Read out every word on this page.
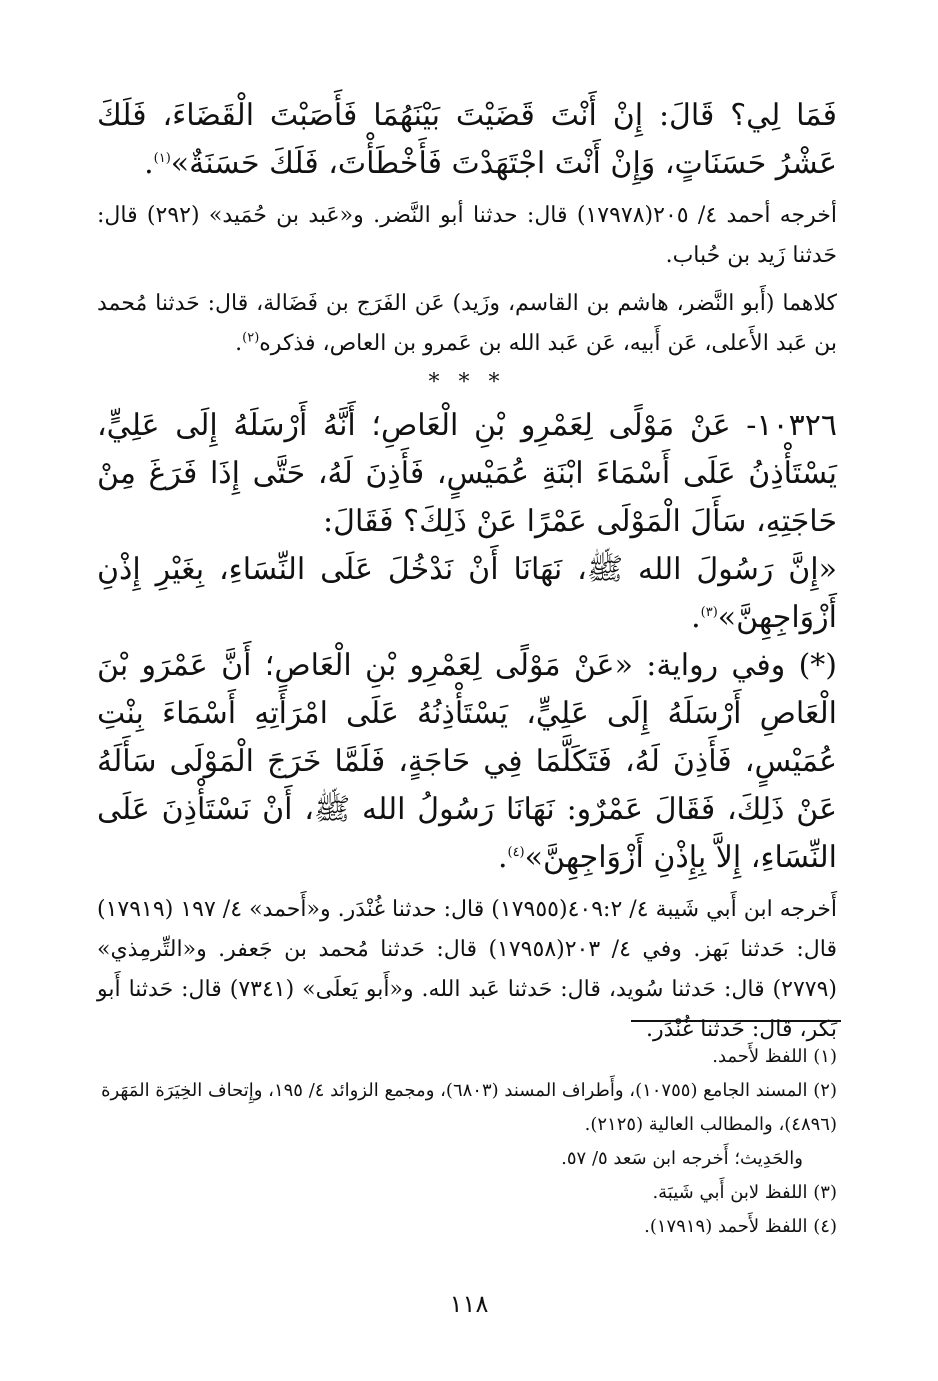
فَمَا لِي؟ قَالَ: إِنْ أَنْتَ قَضَيْتَ بَيْنَهُمَا فَأَصَبْتَ الْقَضَاءَ، فَلَكَ عَشْرُ حَسَنَاتٍ، وَإِنْ أَنْتَ اجْتَهَدْتَ فَأَخْطَأْتَ، فَلَكَ حَسَنَةٌ»$^{(١)}$.

أخرجه أحمد ٤/ ٢٠٥(١٧٩٧٨) قال: حدثنا أبو النَّضر. و«عَبد بن حُمَيد» (٢٩٢) قال: حَدثنا زَيد بن حُباب.

كلاهما (أَبو النَّضر، هاشم بن القاسم، وزَيد) عَن الفَرَج بن فَضَالة، قال: حَدثنا مُحمد بن عَبد الأَعلى، عَن أَبيه، عَن عَبد الله بن عَمرو بن العاص، فذكره$^{(٢)}$.

* * *

١٠٣٢٦- عَنْ مَوْلًى لِعَمْرِو بْنِ الْعَاصِ؛ أَنَّهُ أَرْسَلَهُ إِلَى عَلِيٍّ، يَسْتَأْذِنُ عَلَى أَسْمَاءَ ابْنَةِ عُمَيْسٍ، فَأَذِنَ لَهُ، حَتَّى إِذَا فَرَغَ مِنْ حَاجَتِهِ، سَأَلَ الْمَوْلَى عَمْرًا عَنْ ذَلِكَ؟ فَقَالَ:

«إِنَّ رَسُولَ الله ﷺ، نَهَانَا أَنْ نَدْخُلَ عَلَى النِّسَاءِ، بِغَيْرِ إِذْنِ أَزْوَاجِهِنَّ»$^{(٣)}$.

(*) وفي رواية: «عَنْ مَوْلًى لِعَمْرِو بْنِ الْعَاصِ؛ أَنَّ عَمْرَو بْنَ الْعَاصِ أَرْسَلَهُ إِلَى عَلِيٍّ، يَسْتَأْذِنُهُ عَلَى امْرَأَتِهِ أَسْمَاءَ بِنْتِ عُمَيْسٍ، فَأَذِنَ لَهُ، فَتَكَلَّمَا فِي حَاجَةٍ، فَلَمَّا خَرَجَ الْمَوْلَى سَأَلَهُ عَنْ ذَلِكَ، فَقَالَ عَمْرٌو: نَهَانَا رَسُولُ الله ﷺ، أَنْ نَسْتَأْذِنَ عَلَى النِّسَاءِ، إِلاَّ بِإِذْنِ أَزْوَاجِهِنَّ»$^{(٤)}$.

أَخرجه ابن أَبي شَيبة ٤/ ٤٠٩:٢(١٧٩٥٥) قال: حدثنا غُنْدَر. و«أَحمد» ٤/ ١٩٧ (١٧٩١٩) قال: حَدثنا بَهز. وفي ٤/ ٢٠٣(١٧٩٥٨) قال: حَدثنا مُحمد بن جَعفر. و«التِّرمِذي» (٢٧٧٩) قال: حَدثنا سُويد، قال: حَدثنا عَبد الله. و«أَبو يَعلَى» (٧٣٤١) قال: حَدثنا أَبو بَكر، قال: حَدثنا غُنْدَر.

(١) اللفظ لأَحمد.

(٢) المسند الجامع (١٠٧٥٥)، وأَطراف المسند (٦٨٠٣)، ومجمع الزوائد ٤/ ١٩٥، وإِتحاف الخِيَرَة المَهَرة (٤٨٩٦)، والمطالب العالية (٢١٢٥).

والحَدِيث؛ أَخرجه ابن سَعد ٥/ ٥٧.

(٣) اللفظ لابن أَبي شَيبَة.

(٤) اللفظ لأَحمد (١٧٩١٩).

١١٨
